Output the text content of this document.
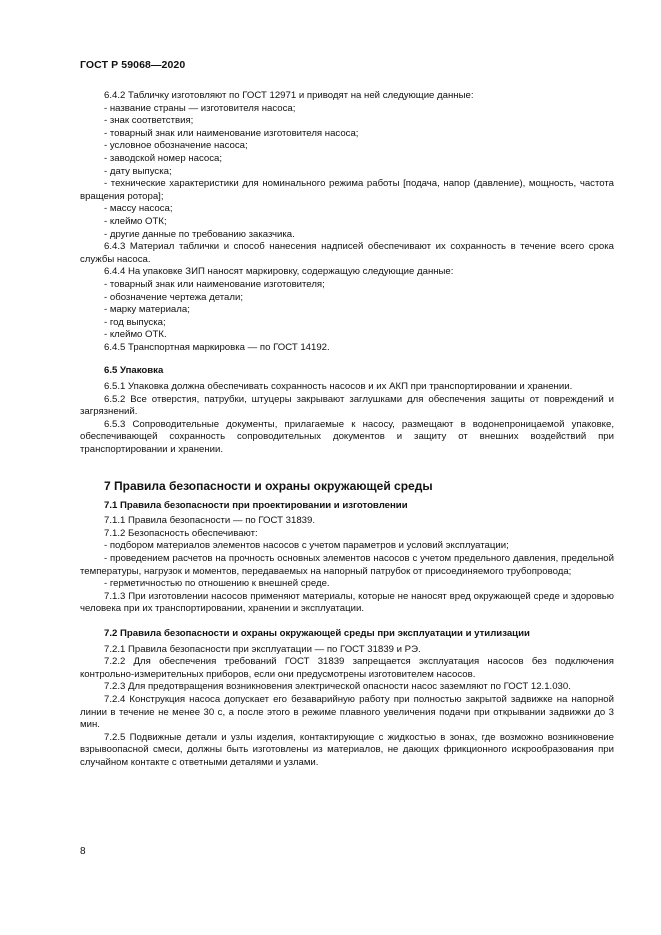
ГОСТ Р 59068—2020

6.4.2 Табличку изготовляют по ГОСТ 12971 и приводят на ней следующие данные:

- название страны — изготовителя насоса;

- знак соответствия;

- товарный знак или наименование изготовителя насоса;

- условное обозначение насоса;

- заводской номер насоса;

- дату выпуска;

- технические характеристики для номинального режима работы [подача, напор (давление), мощность, частота вращения ротора];

- массу насоса;

- клеймо ОТК;

- другие данные по требованию заказчика.

6.4.3 Материал таблички и способ нанесения надписей обеспечивают их сохранность в течение всего срока службы насоса.

6.4.4 На упаковке ЗИП наносят маркировку, содержащую следующие данные:

- товарный знак или наименование изготовителя;

- обозначение чертежа детали;

- марку материала;

- год выпуска;

- клеймо ОТК.

6.4.5 Транспортная маркировка — по ГОСТ 14192.

6.5 Упаковка

6.5.1 Упаковка должна обеспечивать сохранность насосов и их АКП при транспортировании и хранении.

6.5.2 Все отверстия, патрубки, штуцеры закрывают заглушками для обеспечения защиты от повреждений и загрязнений.

6.5.3 Сопроводительные документы, прилагаемые к насосу, размещают в водонепроницаемой упаковке, обеспечивающей сохранность сопроводительных документов и защиту от внешних воздействий при транспортировании и хранении.

7 Правила безопасности и охраны окружающей среды

7.1 Правила безопасности при проектировании и изготовлении

7.1.1 Правила безопасности — по ГОСТ 31839.

7.1.2 Безопасность обеспечивают:

- подбором материалов элементов насосов с учетом параметров и условий эксплуатации;

- проведением расчетов на прочность основных элементов насосов с учетом предельного давления, предельной температуры, нагрузок и моментов, передаваемых на напорный патрубок от присоединяемого трубопровода;

- герметичностью по отношению к внешней среде.

7.1.3 При изготовлении насосов применяют материалы, которые не наносят вред окружающей среде и здоровью человека при их транспортировании, хранении и эксплуатации.

7.2 Правила безопасности и охраны окружающей среды при эксплуатации и утилизации

7.2.1 Правила безопасности при эксплуатации — по ГОСТ 31839 и РЭ.

7.2.2 Для обеспечения требований ГОСТ 31839 запрещается эксплуатация насосов без подключения контрольно-измерительных приборов, если они предусмотрены изготовителем насосов.

7.2.3 Для предотвращения возникновения электрической опасности насос заземляют по ГОСТ 12.1.030.

7.2.4 Конструкция насоса допускает его безаварийную работу при полностью закрытой задвижке на напорной линии в течение не менее 30 с, а после этого в режиме плавного увеличения подачи при открывании задвижки до 3 мин.

7.2.5 Подвижные детали и узлы изделия, контактирующие с жидкостью в зонах, где возможно возникновение взрывоопасной смеси, должны быть изготовлены из материалов, не дающих фрикционного искрообразования при случайном контакте с ответными деталями и узлами.

8
